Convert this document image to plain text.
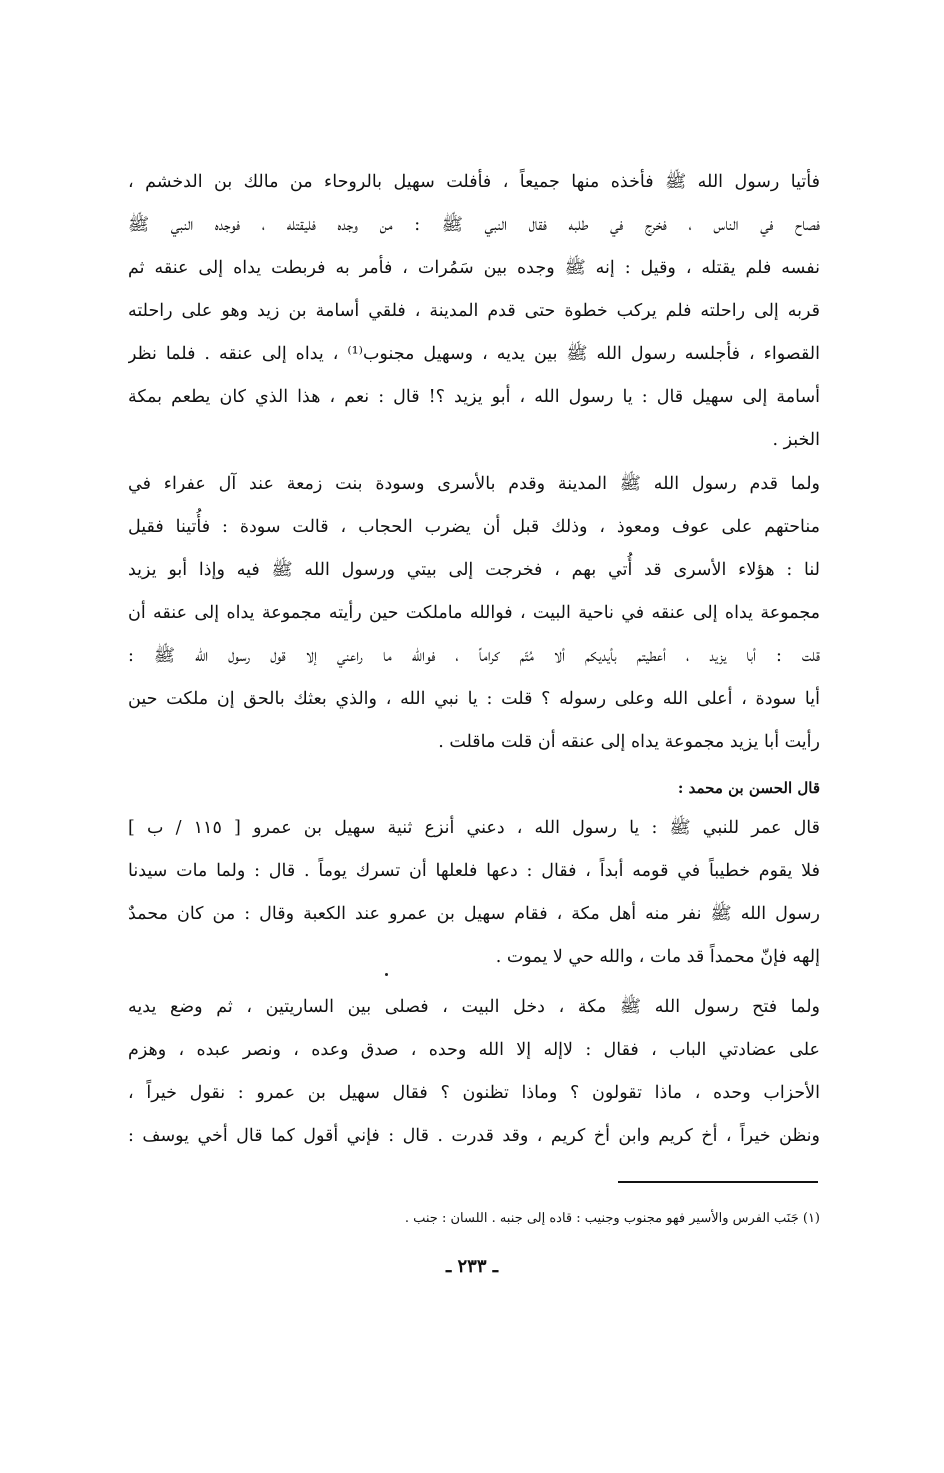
فأتيا رسول الله ﷺ فأخذه منها جميعاً ، فأفلت سهيل بالروحاء من مالك بن الدخشم ،
فصاح في الناس ، فخرج في طلبه فقال النبي ﷺ : من وجده فليقتله ، فوجده النبي ﷺ
نفسه فلم يقتله ، وقيل : إنه ﷺ وجده بين سَمُرات ، فأمر به فربطت يداه إلى عنقه ثم
قربه إلى راحلته فلم يركب خطوة حتى قدم المدينة ، فلقي أسامة بن زيد وهو على راحلته
القصواء ، فأجلسه رسول الله ﷺ بين يديه ، وسهيل مجنوب⁽¹⁾ ، يداه إلى عنقه . فلما نظر
أسامة إلى سهيل قال : يا رسول الله ، أبو يزيد ؟! قال : نعم ، هذا الذي كان يطعم بمكة
الخبز .
ولما قدم رسول الله ﷺ المدينة وقدم بالأسرى وسودة بنت زمعة عند آل عفراء في
مناحتهم على عوف ومعوذ ، وذلك قبل أن يضرب الحجاب ، قالت سودة : فأُتينا فقيل
لنا : هؤلاء الأسرى قد أُتي بهم ، فخرجت إلى بيتي ورسول الله ﷺ فيه وإذا أبو يزيد
مجموعة يداه إلى عنقه في ناحية البيت ، فوالله ماملكت حين رأيته مجموعة يداه إلى عنقه أن
قلت : أبا يزيد ، أعطيتم بأيديكم ألا مُتّم كراماً ، فوالله ما راعني إلا قول رسول الله ﷺ :
أيا سودة ، أعلى الله وعلى رسوله ؟ قلت : يا نبي الله ، والذي بعثك بالحق إن ملكت حين
رأيت أبا يزيد مجموعة يداه إلى عنقه أن قلت ماقلت .
قال الحسن بن محمد :
قال عمر للنبي ﷺ : يا رسول الله ، دعني أنزع ثنية سهيل بن عمرو [ ١١٥ / ب ]
فلا يقوم خطيباً في قومه أبداً ، فقال : دعها فلعلها أن تسرك يوماً . قال : ولما مات سيدنا
رسول الله ﷺ نفر منه أهل مكة ، فقام سهيل بن عمرو عند الكعبة وقال : من كان محمدٌ
إلهه فإنّ محمداً قد مات ، والله حي لا يموت .
ولما فتح رسول الله ﷺ مكة ، دخل البيت ، فصلى بين الساريتين ، ثم وضع يديه
على عضادتي الباب ، فقال : لاإله إلا الله وحده ، صدق وعده ، ونصر عبده ، وهزم
الأحزاب وحده ، ماذا تقولون ؟ وماذا تظنون ؟ فقال سهيل بن عمرو : نقول خيراً ،
ونظن خيراً ، أخ كريم وابن أخ كريم ، وقد قدرت . قال : فإني أقول كما قال أخي يوسف :
(١) جَنَب الفرس والأسير فهو مجنوب وجنيب : قاده إلى جنبه . اللسان : جنب .
ـ ٢٣٣ ـ
